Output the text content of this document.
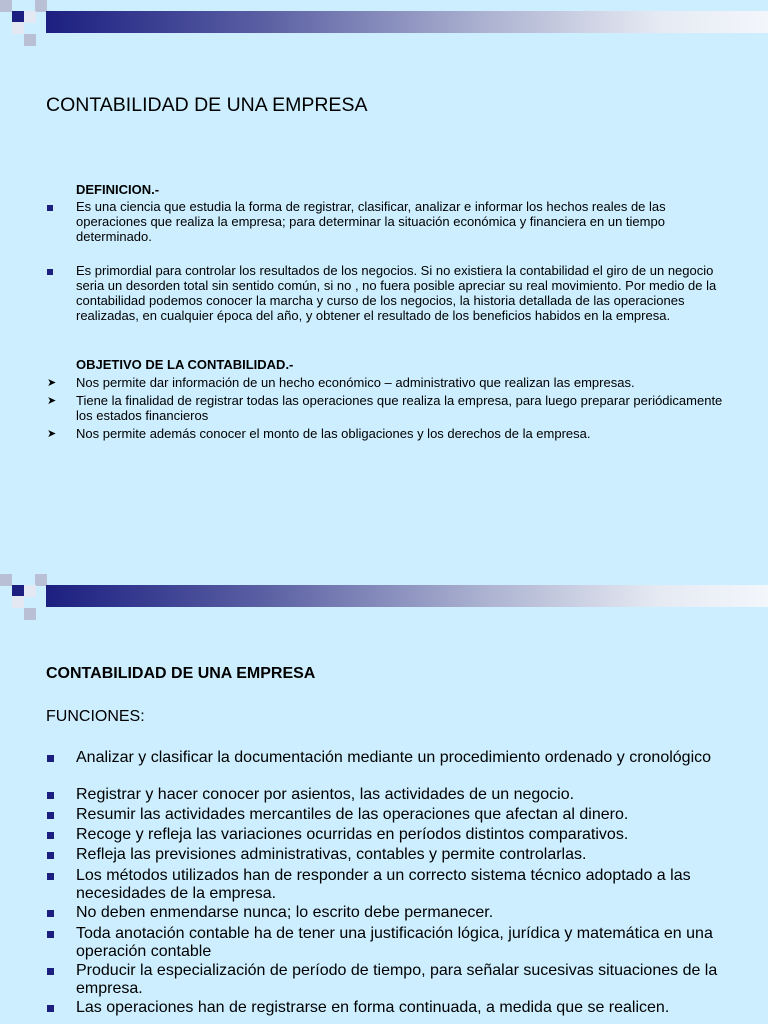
CONTABILIDAD DE UNA EMPRESA
DEFINICION.-
Es una ciencia que estudia la forma de registrar, clasificar, analizar e informar los hechos reales de las operaciones que realiza la empresa; para determinar la situación económica y financiera en un tiempo determinado.
Es primordial para controlar los resultados de los negocios. Si no existiera la contabilidad el giro de un negocio seria un desorden total sin sentido común, si no , no fuera posible apreciar su real movimiento. Por medio de la contabilidad podemos conocer la marcha y curso de los negocios, la historia detallada de las operaciones realizadas, en cualquier época del año, y obtener el resultado de los beneficios habidos en la empresa.
OBJETIVO DE LA CONTABILIDAD.-
➤ Nos permite dar información de un hecho económico – administrativo que realizan las empresas.
➤ Tiene la finalidad de registrar todas las operaciones que realiza la empresa, para luego preparar periódicamente los estados financieros
➤ Nos permite además conocer el monto de las obligaciones y los derechos de la empresa.
CONTABILIDAD DE UNA EMPRESA
FUNCIONES:
Analizar y clasificar la documentación mediante un procedimiento ordenado y cronológico
Registrar y hacer conocer por asientos, las actividades de un negocio.
Resumir las actividades mercantiles de las operaciones que afectan al dinero.
Recoge y refleja las variaciones ocurridas en períodos distintos comparativos.
Refleja las previsiones administrativas, contables y permite controlarlas.
Los métodos utilizados han de responder a un correcto sistema técnico adoptado a las necesidades de la empresa.
No deben enmendarse nunca; lo escrito debe permanecer.
Toda anotación contable ha de tener una justificación lógica, jurídica y matemática en una operación contable
Producir la especialización de período de tiempo, para señalar sucesivas situaciones de la empresa.
Las operaciones han de registrarse en forma continuada, a medida que se realicen.
